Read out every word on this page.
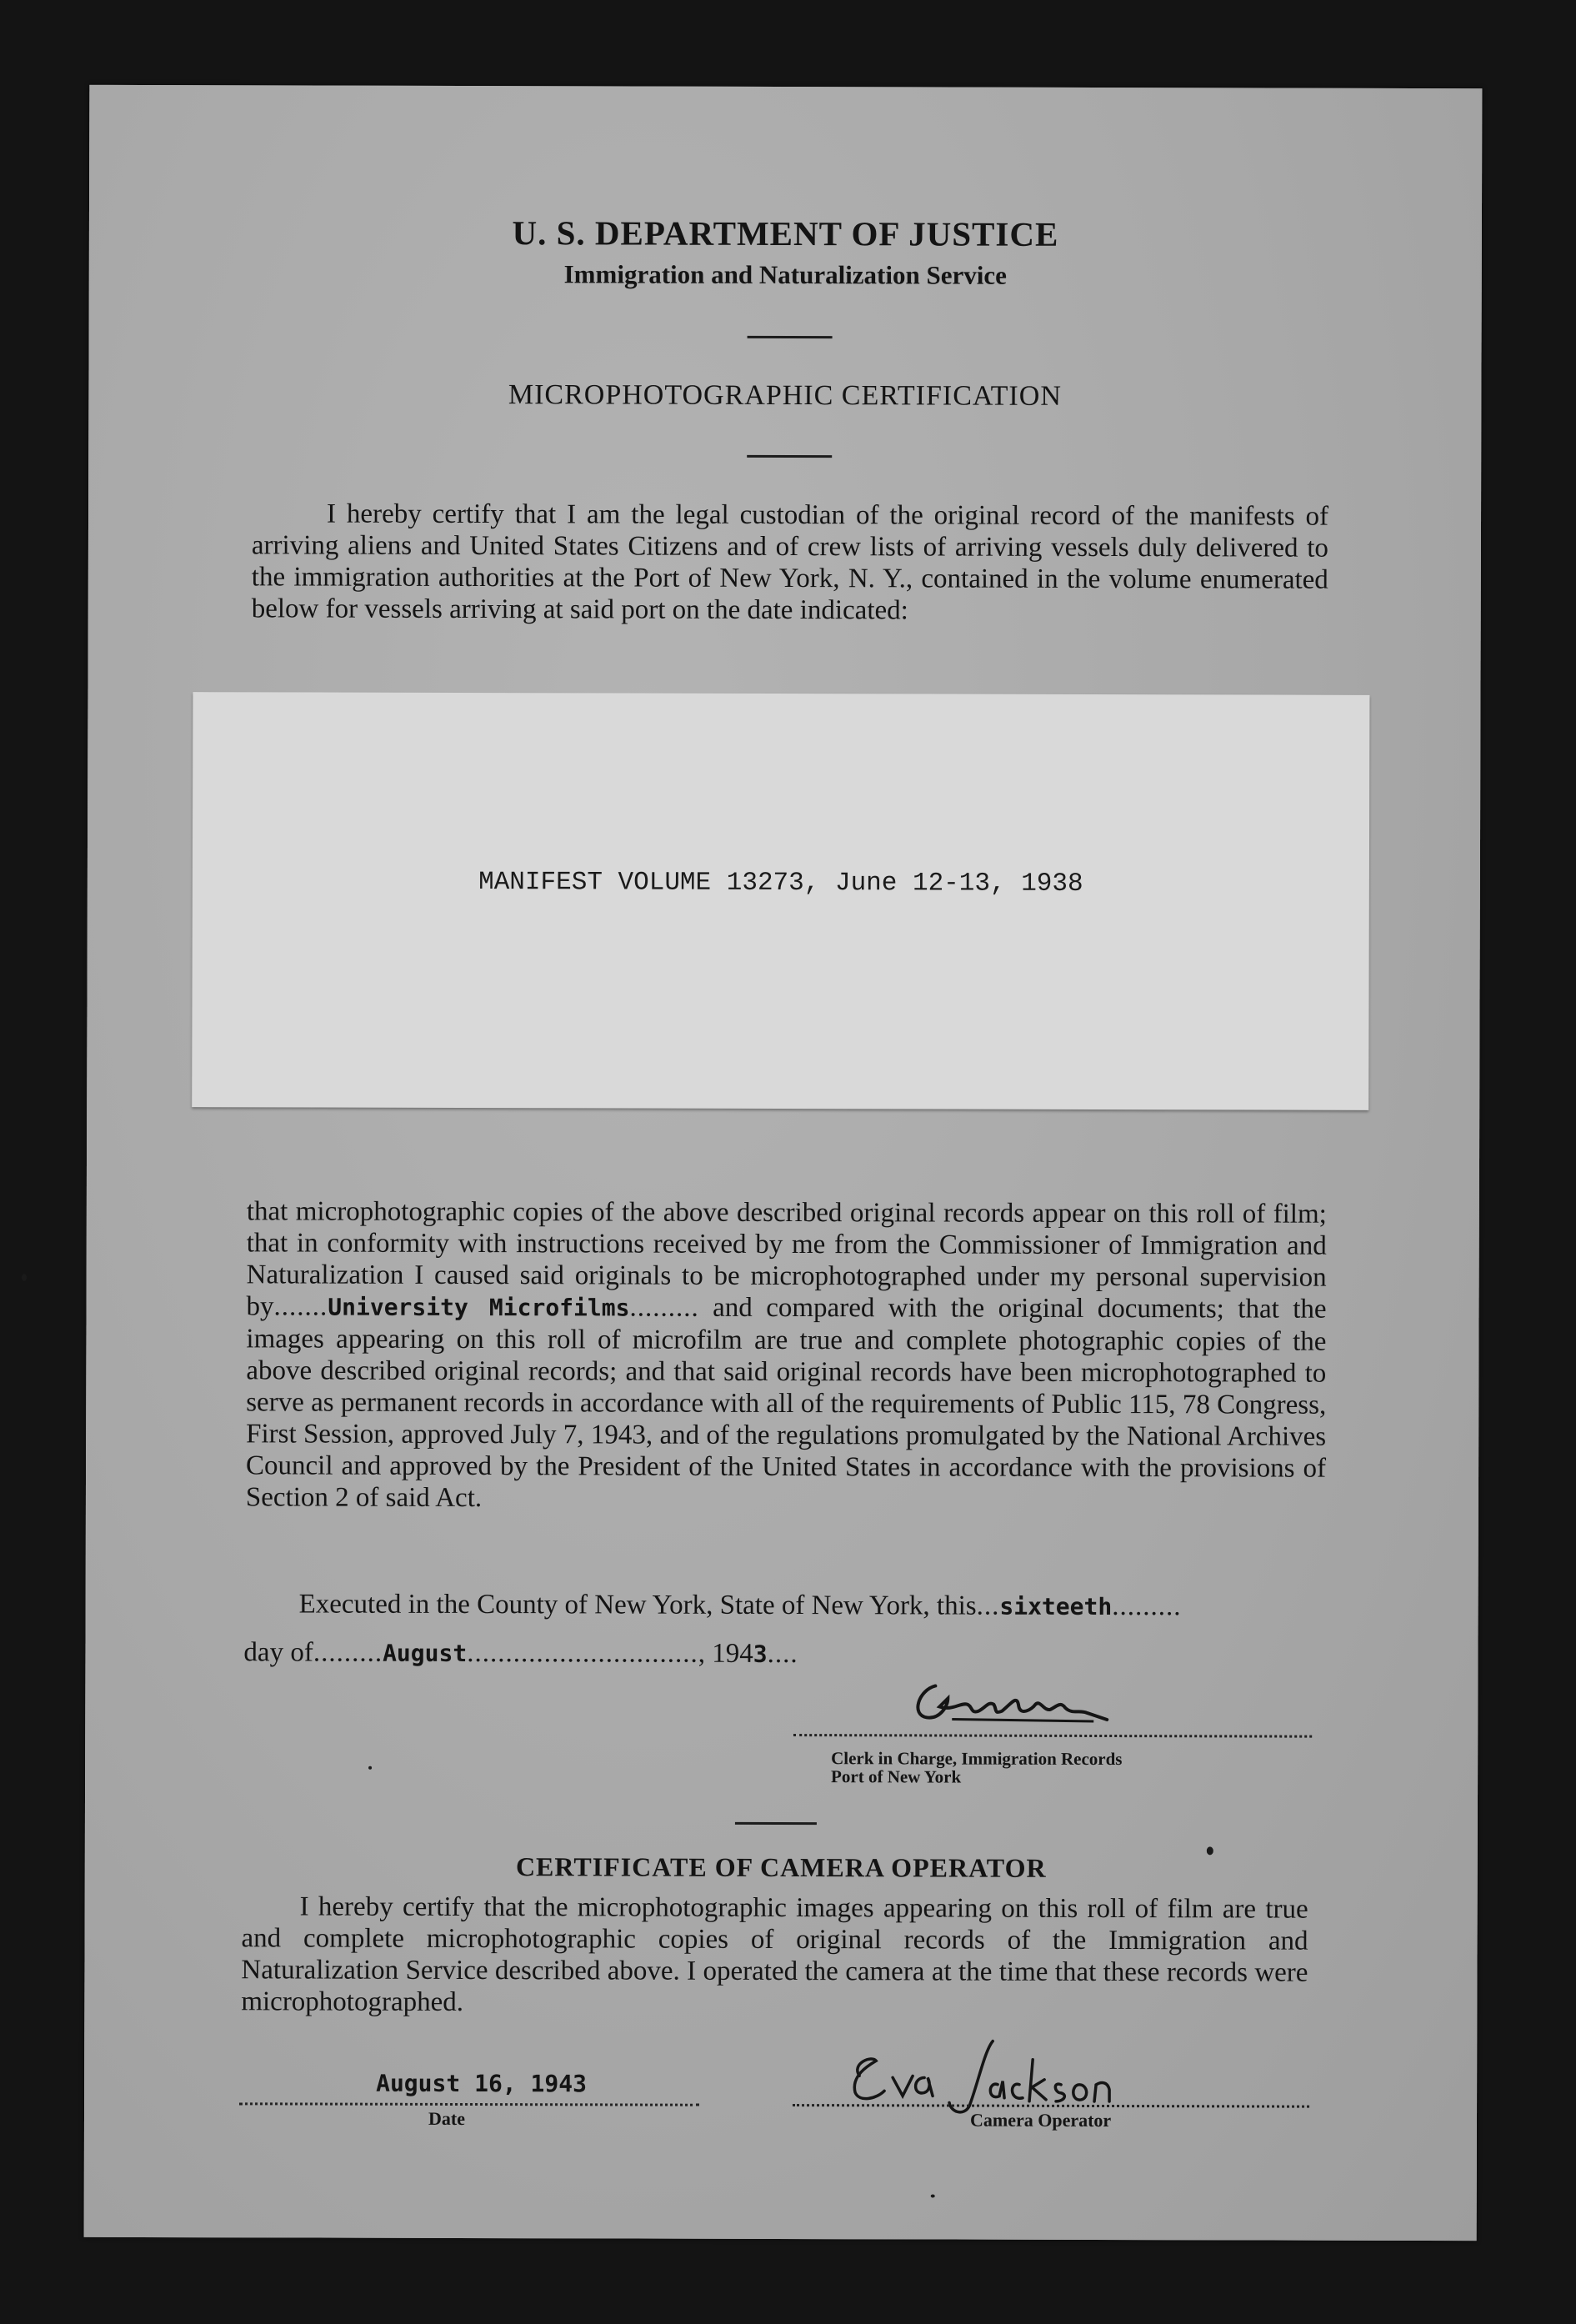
U. S. DEPARTMENT OF JUSTICE
Immigration and Naturalization Service
MICROPHOTOGRAPHIC CERTIFICATION
I hereby certify that I am the legal custodian of the original record of the manifests of arriving aliens and United States Citizens and of crew lists of arriving vessels duly delivered to the immigration authorities at the Port of New York, N. Y., contained in the volume enumerated below for vessels arriving at said port on the date indicated:
MANIFEST VOLUME 13273, June 12-13, 1938
that microphotographic copies of the above described original records appear on this roll of film; that in conformity with instructions received by me from the Commissioner of Immigration and Naturalization I caused said originals to be microphotographed under my personal supervision by.......University Microfilms......... and compared with the original documents; that the images appearing on this roll of microfilm are true and complete photographic copies of the above described original records; and that said original records have been microphotographed to serve as permanent records in accordance with all of the requirements of Public 115, 78 Congress, First Session, approved July 7, 1943, and of the regulations promulgated by the National Archives Council and approved by the President of the United States in accordance with the provisions of Section 2 of said Act.
Executed in the County of New York, State of New York, this...sixteeth.........
day of.........August.............................., 1943....
Clerk in Charge, Immigration Records
Port of New York
CERTIFICATE OF CAMERA OPERATOR
I hereby certify that the microphotographic images appearing on this roll of film are true and complete microphotographic copies of original records of the Immigration and Naturalization Service described above. I operated the camera at the time that these records were microphotographed.
August 16, 1943
Date	Camera Operator
